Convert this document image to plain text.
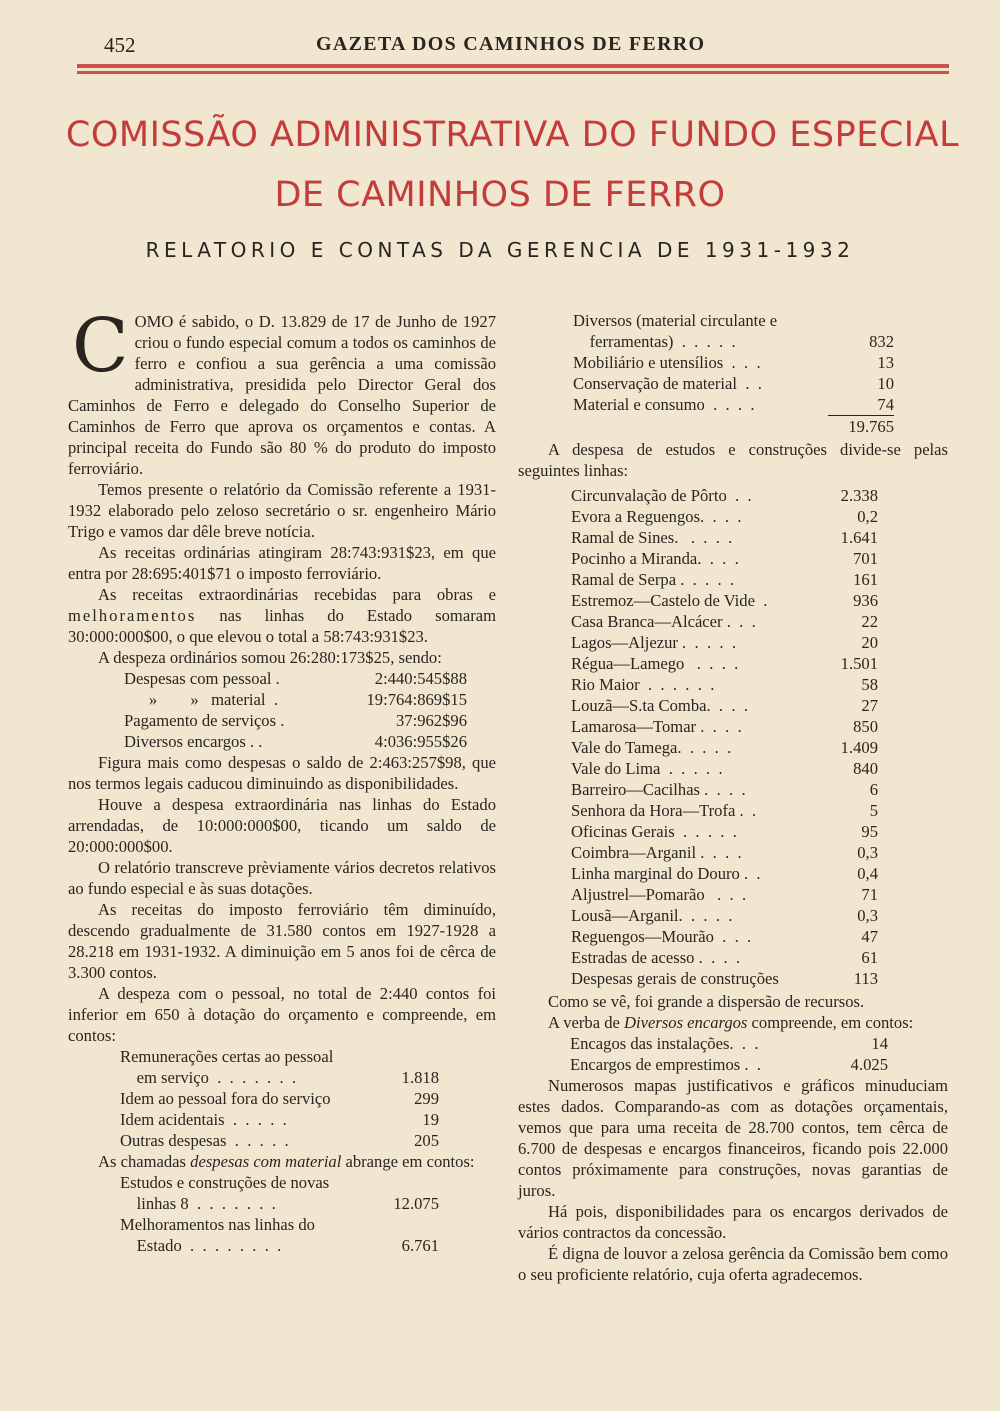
452	GAZETA DOS CAMINHOS DE FERRO
COMISSÃO ADMINISTRATIVA DO FUNDO ESPECIAL
DE CAMINHOS DE FERRO
RELATORIO E CONTAS DA GERENCIA DE 1931-1932

COMO é sabido, o D. 13.829 de 17 de Junho de 1927 criou o fundo especial comum a todos os caminhos de ferro e confiou a sua gerência a uma comissão administrativa, presidida pelo Director Geral dos Caminhos de Ferro e delegado do Conselho Superior de Caminhos de Ferro que aprova os orçamentos e contas. A principal receita do Fundo são 80 % do produto do imposto ferroviário.

Temos presente o relatório da Comissão referente a 1931-1932 elaborado pelo zeloso secretário o sr. engenheiro Mário Trigo e vamos dar dêle breve notícia.

As receitas ordinárias atingiram 28:743:931$23, em que entra por 28:695:401$71 o imposto ferroviário.

As receitas extraordinárias recebidas para obras e melhoramentos nas linhas do Estado somaram 30:000:000$00, o que elevou o total a 58:743:931$23.

A despeza ordinários somou 26:280:173$25, sendo:

Despesas com pessoal .	2:440:545$88
»        »   material  .	19:764:869$15
Pagamento de serviços .	37:962$96
Diversos encargos . .	4:036:955$26

Figura mais como despesas o saldo de 2:463:257$98, que nos termos legais caducou diminuindo as disponibilidades.

Houve a despesa extraordinária nas linhas do Estado arrendadas, de 10:000:000$00, ticando um saldo de 20:000:000$00.

O relatório transcreve prèviamente vários decretos relativos ao fundo especial e às suas dotações.

As receitas do imposto ferroviário têm diminuído, descendo gradualmente de 31.580 contos em 1927-1928 a 28.218 em 1931-1932. A diminuição em 5 anos foi de cêrca de 3.300 contos.

A despeza com o pessoal, no total de 2:440 contos foi inferior em 650 à dotação do orçamento e compreende, em contos:

Remunerações certas ao pessoal	
em serviço  .  .  .  .  .  .  .	1.818
Idem ao pessoal fora do serviço	299
Idem acidentais  .  .  .  .  .	19
Outras despesas  .  .  .  .  .	205

As chamadas despesas com material abrange em contos:

Estudos e construções de novas	
linhas 8  .  .  .  .  .  .  .	12.075
Melhoramentos nas linhas do	
Estado  .  .  .  .  .  .  .  .	6.761
Diversos (material circulante e	
ferramentas)  .  .  .  .  .	832
Mobiliário e utensílios  .  .  .	13
Conservação de material  .  .	10
Material e consumo  .  .  .  .	74
	19.765

A despesa de estudos e construções divide-se pelas seguintes linhas:

Circunvalação de Pôrto  .  .	2.338
Evora a Reguengos.  .  .  .	0,2
Ramal de Sines.   .  .  .  .	1.641
Pocinho a Miranda.  .  .  .	701
Ramal de Serpa .  .  .  .  .	161
Estremoz—Castelo de Vide  .	936
Casa Branca—Alcácer .  .  .	22
Lagos—Aljezur .  .  .  .  .	20
Régua—Lamego   .  .  .  .	1.501
Rio Maior  .  .  .  .  .  .	58
Louzã—S.ta Comba.  .  .  .	27
Lamarosa—Tomar .  .  .  .	850
Vale do Tamega.  .  .  .  .	1.409
Vale do Lima  .  .  .  .  .	840
Barreiro—Cacilhas .  .  .  .	6
Senhora da Hora—Trofa .  .	5
Oficinas Gerais  .  .  .  .  .	95
Coimbra—Arganil .  .  .  .	0,3
Linha marginal do Douro .  .	0,4
Aljustrel—Pomarão   .  .  .	71
Lousã—Arganil.  .  .  .  .	0,3
Reguengos—Mourão  .  .  .	47
Estradas de acesso .  .  .  .	61
Despesas gerais de construções	113

Como se vê, foi grande a dispersão de recursos.

A verba de Diversos encargos compreende, em contos:

Encagos das instalações.  .  .	14
Encargos de emprestimos .  .	4.025

Numerosos mapas justificativos e gráficos minuduciam estes dados. Comparando-as com as dotações orçamentais, vemos que para uma receita de 28.700 contos, tem cêrca de 6.700 de despesas e encargos financeiros, ficando pois 22.000 contos próximamente para construções, novas garantias de juros.

Há pois, disponibilidades para os encargos derivados de vários contractos da concessão.

É digna de louvor a zelosa gerência da Comissão bem como o seu proficiente relatório, cuja oferta agradecemos.
